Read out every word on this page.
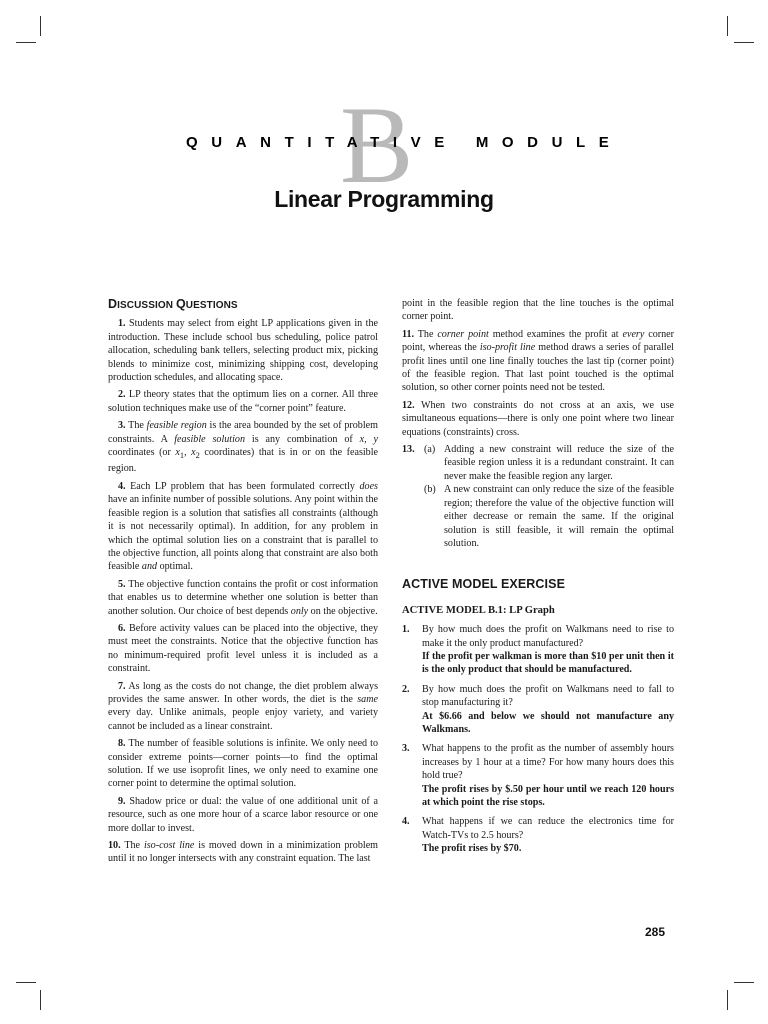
B
QUANTITATIVE MODULE
Linear Programming
DISCUSSION QUESTIONS

1. Students may select from eight LP applications given in the introduction. These include school bus scheduling, police patrol allocation, scheduling bank tellers, selecting product mix, picking blends to minimize cost, minimizing shipping cost, developing production schedules, and allocating space.

2. LP theory states that the optimum lies on a corner. All three solution techniques make use of the “corner point” feature.

3. The feasible region is the area bounded by the set of problem constraints. A feasible solution is any combination of x, y coordinates (or $x_1$, $x_2$ coordinates) that is in or on the feasible region.

4. Each LP problem that has been formulated correctly does have an infinite number of possible solutions. Any point within the feasible region is a solution that satisfies all constraints (although it is not necessarily optimal). In addition, for any problem in which the optimal solution lies on a constraint that is parallel to the objective function, all points along that constraint are also both feasible and optimal.

5. The objective function contains the profit or cost information that enables us to determine whether one solution is better than another solution. Our choice of best depends only on the objective.

6. Before activity values can be placed into the objective, they must meet the constraints. Notice that the objective function has no minimum-required profit level unless it is included as a constraint.

7. As long as the costs do not change, the diet problem always provides the same answer. In other words, the diet is the same every day. Unlike animals, people enjoy variety, and variety cannot be included as a linear constraint.

8. The number of feasible solutions is infinite. We only need to consider extreme points—corner points—to find the optimal solution. If we use isoprofit lines, we only need to examine one corner point to determine the optimal solution.

9. Shadow price or dual: the value of one additional unit of a resource, such as one more hour of a scarce labor resource or one more dollar to invest.

10. The iso-cost line is moved down in a minimization problem until it no longer intersects with any constraint equation. The last

point in the feasible region that the line touches is the optimal corner point.

11. The corner point method examines the profit at every corner point, whereas the iso-profit line method draws a series of parallel profit lines until one line finally touches the last tip (corner point) of the feasible region. That last point touched is the optimal solution, so other corner points need not be tested.

12. When two constraints do not cross at an axis, we use simultaneous equations—there is only one point where two linear equations (constraints) cross.

13. (a) Adding a new constraint will reduce the size of the feasible region unless it is a redundant constraint. It can never make the feasible region any larger.
(b) A new constraint can only reduce the size of the feasible region; therefore the value of the objective function will either decrease or remain the same. If the original solution is still feasible, it will remain the optimal solution.
ACTIVE MODEL EXERCISE
ACTIVE MODEL B.1: LP Graph
1.	By how much does the profit on Walkmans need to rise to make it the only product manufactured?
If the profit per walkman is more than $10 per unit then it is the only product that should be manufactured.
2.	By how much does the profit on Walkmans need to fall to stop manufacturing it?
At $6.66 and below we should not manufacture any Walkmans.
3.	What happens to the profit as the number of assembly hours increases by 1 hour at a time? For how many hours does this hold true?
The profit rises by $.50 per hour until we reach 120 hours at which point the rise stops.
4.	What happens if we can reduce the electronics time for Watch-TVs to 2.5 hours?
The profit rises by $70.
285
